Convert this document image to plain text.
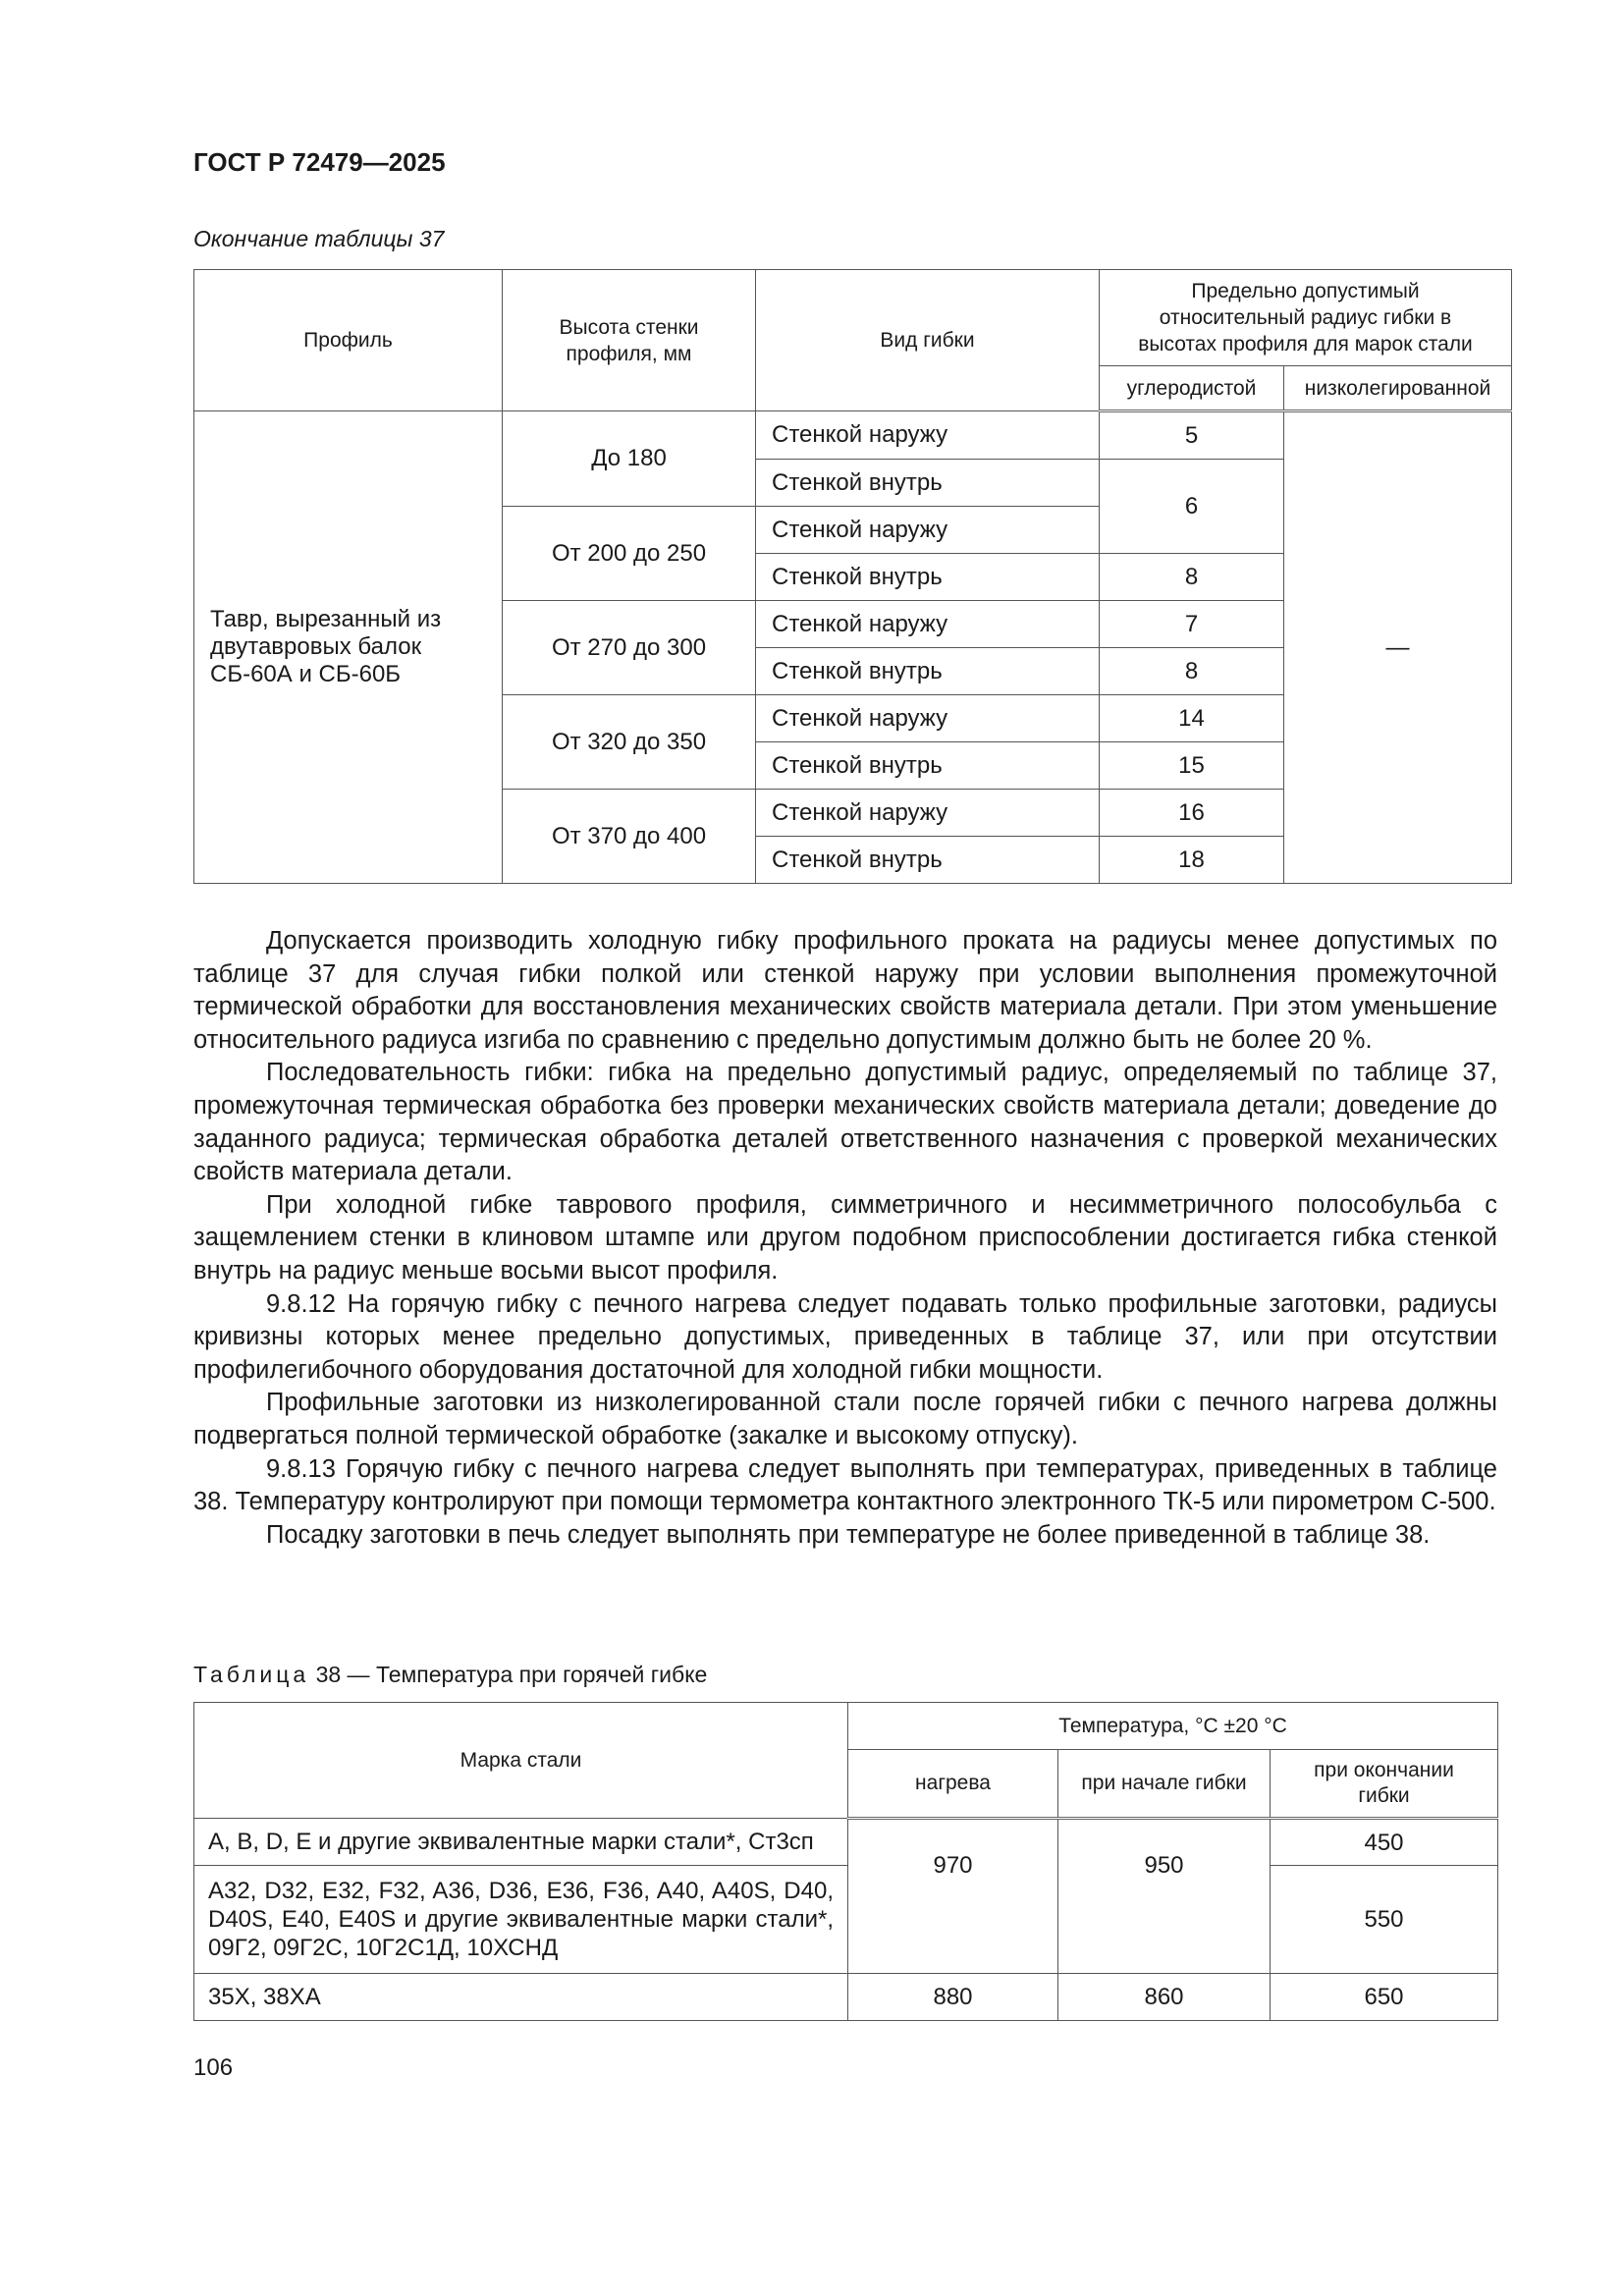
ГОСТ Р 72479—2025
Окончание таблицы 37
Профиль	Высота стенки профиля, мм	Вид гибки	Предельно допустимый относительный радиус гибки в высотах профиля для марок стали	
			углеродистой	низколегированной
Тавр, вырезанный из двутавровых балок СБ-60А и СБ-60Б	До 180	Стенкой наружу	5	—
		Стенкой внутрь	6	
	От 200 до 250	Стенкой наружу		
		Стенкой внутрь	8	
	От 270 до 300	Стенкой наружу	7	
		Стенкой внутрь	8	
	От 320 до 350	Стенкой наружу	14	
		Стенкой внутрь	15	
	От 370 до 400	Стенкой наружу	16	
		Стенкой внутрь	18	

Допускается производить холодную гибку профильного проката на радиусы менее допустимых по таблице 37 для случая гибки полкой или стенкой наружу при условии выполнения промежуточной термической обработки для восстановления механических свойств материала детали. При этом уменьшение относительного радиуса изгиба по сравнению с предельно допустимым должно быть не более 20 %.

Последовательность гибки: гибка на предельно допустимый радиус, определяемый по таблице 37, промежуточная термическая обработка без проверки механических свойств материала детали; доведение до заданного радиуса; термическая обработка деталей ответственного назначения с проверкой механических свойств материала детали.

При холодной гибке таврового профиля, симметричного и несимметричного полособульба с защемлением стенки в клиновом штампе или другом подобном приспособлении достигается гибка стенкой внутрь на радиус меньше восьми высот профиля.

9.8.12 На горячую гибку с печного нагрева следует подавать только профильные заготовки, радиусы кривизны которых менее предельно допустимых, приведенных в таблице 37, или при отсутствии профилегибочного оборудования достаточной для холодной гибки мощности.

Профильные заготовки из низколегированной стали после горячей гибки с печного нагрева должны подвергаться полной термической обработке (закалке и высокому отпуску).

9.8.13 Горячую гибку с печного нагрева следует выполнять при температурах, приведенных в таблице 38. Температуру контролируют при помощи термометра контактного электронного ТК-5 или пирометром С-500.

Посадку заготовки в печь следует выполнять при температуре не более приведенной в таблице 38.

Таблица 38 — Температура при горячей гибке
Марка стали	Температура, °С ±20 °С		
	нагрева	при начале гибки	при окончании гибки
A, B, D, E и другие эквивалентные марки стали*, Ст3сп	970	950	450
A32, D32, E32, F32, A36, D36, E36, F36, A40, A40S, D40, D40S, E40, E40S и другие эквивалентные марки стали*, 09Г2, 09Г2С, 10Г2С1Д, 10ХСНД			550
35Х, 38ХА	880	860	650
106
